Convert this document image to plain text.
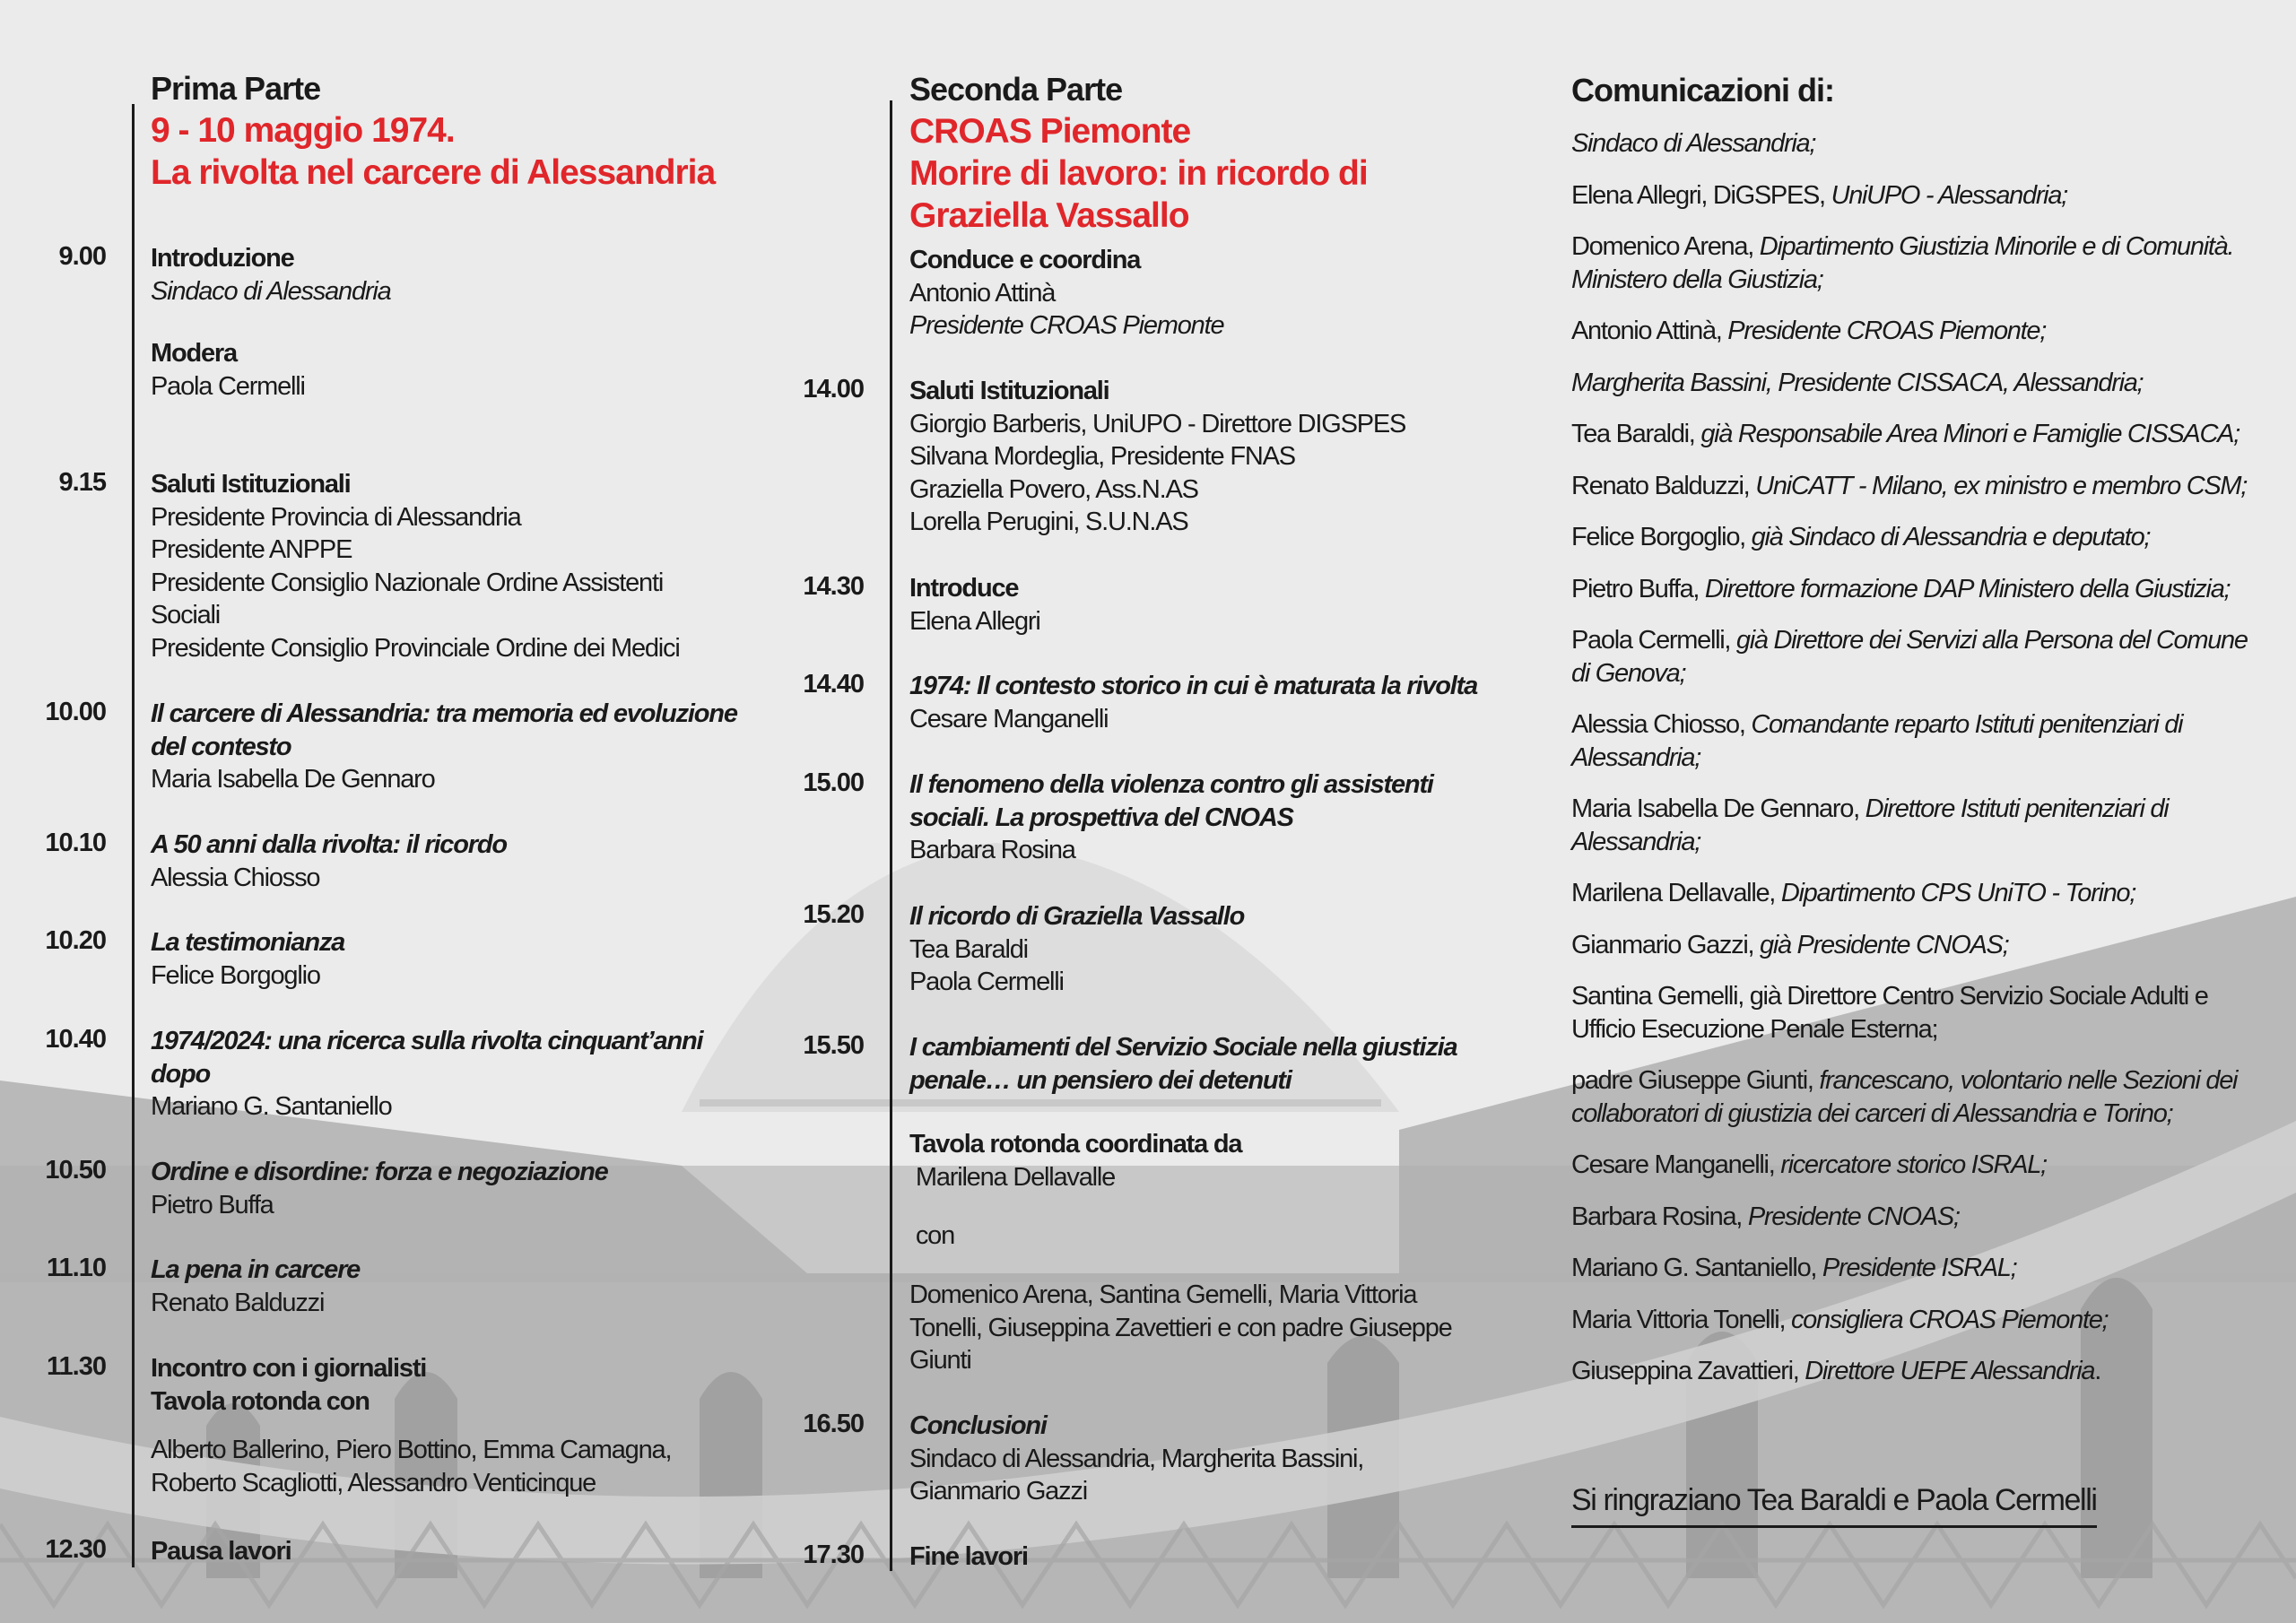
Prima Parte
9 - 10 maggio 1974.
La rivolta nel carcere di Alessandria
9.00 Introduzione
Sindaco di Alessandria
Modera
Paola Cermelli
9.15 Saluti Istituzionali
Presidente Provincia di Alessandria
Presidente ANPPE
Presidente Consiglio Nazionale Ordine Assistenti
Sociali
Presidente Consiglio Provinciale Ordine dei Medici
10.00 Il carcere di Alessandria: tra memoria ed evoluzione
del contesto
Maria Isabella De Gennaro
10.10 A 50 anni dalla rivolta: il ricordo
Alessia Chiosso
10.20 La testimonianza
Felice Borgoglio
10.40 1974/2024: una ricerca sulla rivolta cinquant’anni
dopo
Mariano G. Santaniello
10.50 Ordine e disordine: forza e negoziazione
Pietro Buffa
11.10 La pena in carcere
Renato Balduzzi
11.30 Incontro con i giornalisti
Tavola rotonda con
Alberto Ballerino, Piero Bottino, Emma Camagna,
Roberto Scagliotti, Alessandro Venticinque
12.30 Pausa lavori
Seconda Parte
CROAS Piemonte
Morire di lavoro: in ricordo di
Graziella Vassallo
Conduce e coordina
Antonio Attinà
Presidente CROAS Piemonte
14.00 Saluti Istituzionali
Giorgio Barberis, UniUPO - Direttore DIGSPES
Silvana Mordeglia, Presidente FNAS
Graziella Povero, Ass.N.AS
Lorella Perugini, S.U.N.AS
14.30 Introduce
Elena Allegri
14.40 1974: Il contesto storico in cui è maturata la rivolta
Cesare Manganelli
15.00 Il fenomeno della violenza contro gli assistenti
sociali. La prospettiva del CNOAS
Barbara Rosina
15.20 Il ricordo di Graziella Vassallo
Tea Baraldi
Paola Cermelli
15.50 I cambiamenti del Servizio Sociale nella giustizia
penale… un pensiero dei detenuti
Tavola rotonda coordinata da
Marilena Dellavalle
con
Domenico Arena, Santina Gemelli, Maria Vittoria
Tonelli, Giuseppina Zavettieri e con padre Giuseppe
Giunti
16.50 Conclusioni
Sindaco di Alessandria, Margherita Bassini,
Gianmario Gazzi
17.30 Fine lavori
Comunicazioni di:

Sindaco di Alessandria;

Elena Allegri, DiGSPES, UniUPO - Alessandria;

Domenico Arena, Dipartimento Giustizia Minorile e di Comunità. Ministero della Giustizia;

Antonio Attinà, Presidente CROAS Piemonte;

Margherita Bassini, Presidente CISSACA, Alessandria;

Tea Baraldi, già Responsabile Area Minori e Famiglie CISSACA;

Renato Balduzzi, UniCATT - Milano, ex ministro e membro CSM;

Felice Borgoglio, già Sindaco di Alessandria e deputato;

Pietro Buffa, Direttore formazione DAP Ministero della Giustizia;

Paola Cermelli, già Direttore dei Servizi alla Persona del Comune di Genova;

Alessia Chiosso, Comandante reparto Istituti penitenziari di Alessandria;

Maria Isabella De Gennaro, Direttore Istituti penitenziari di Alessandria;

Marilena Dellavalle, Dipartimento CPS UniTO - Torino;

Gianmario Gazzi, già Presidente CNOAS;

Santina Gemelli, già Direttore Centro Servizio Sociale Adulti e Ufficio Esecuzione Penale Esterna;

padre Giuseppe Giunti, francescano, volontario nelle Sezioni dei collaboratori di giustizia dei carceri di Alessandria e Torino;

Cesare Manganelli, ricercatore storico ISRAL;

Barbara Rosina, Presidente CNOAS;

Mariano G. Santaniello, Presidente ISRAL;

Maria Vittoria Tonelli, consigliera CROAS Piemonte;

Giuseppina Zavattieri, Direttore UEPE Alessandria.

Si ringraziano Tea Baraldi e Paola Cermelli
